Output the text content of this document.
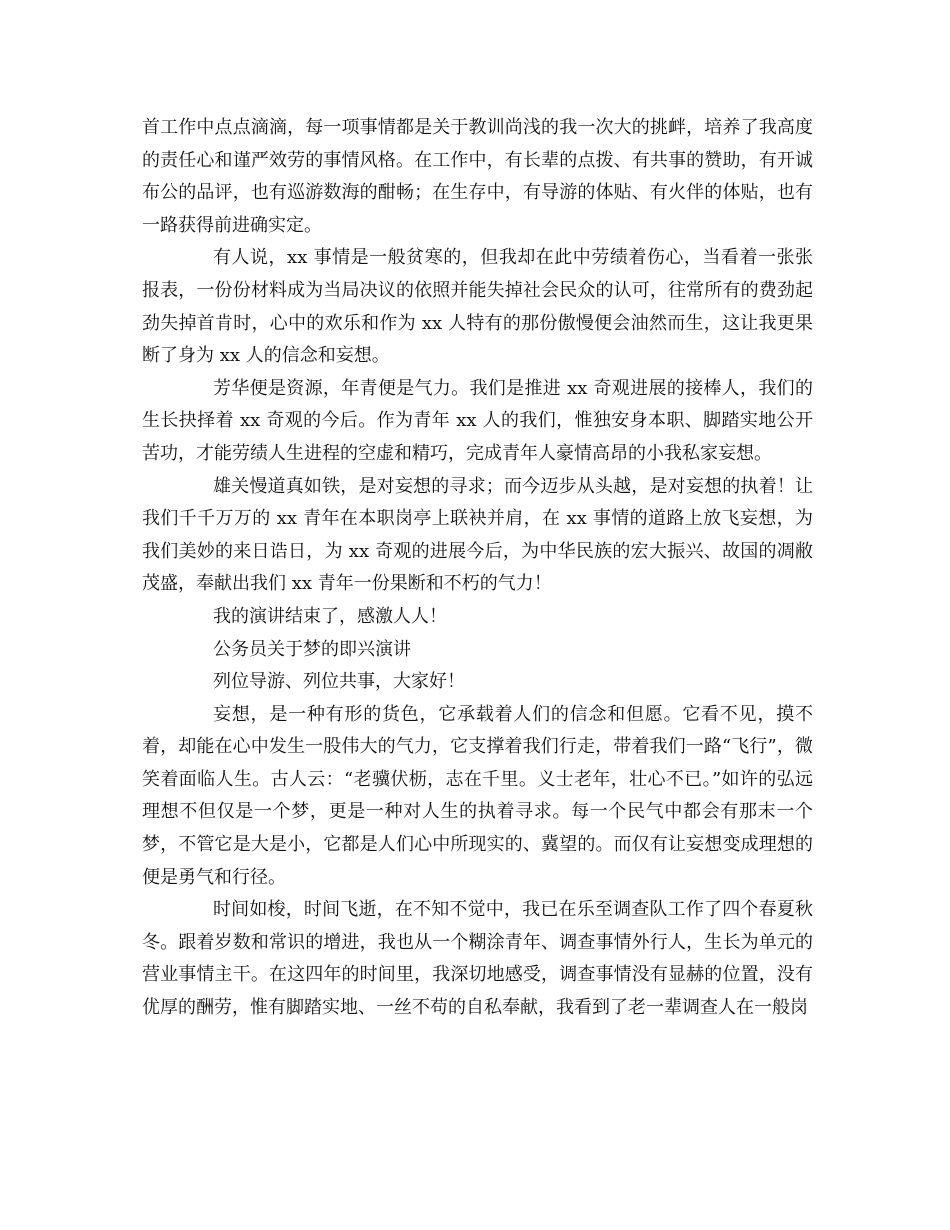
首工作中点点滴滴，每一项事情都是关于教训尚浅的我一次大的挑衅，培养了我高度的责任心和谨严效劳的事情风格。在工作中，有长辈的点拨、有共事的赞助，有开诚布公的品评，也有巡游数海的酣畅；在生存中，有导游的体贴、有火伴的体贴，也有一路获得前进确实定。

有人说，xx 事情是一般贫寒的，但我却在此中劳绩着伤心，当看着一张张报表，一份份材料成为当局决议的依照并能失掉社会民众的认可，往常所有的费劲起劲失掉首肯时，心中的欢乐和作为 xx 人特有的那份傲慢便会油然而生，这让我更果断了身为 xx 人的信念和妄想。

芳华便是资源，年青便是气力。我们是推进 xx 奇观进展的接棒人，我们的生长抉择着 xx 奇观的今后。作为青年 xx 人的我们，惟独安身本职、脚踏实地公开苦功，才能劳绩人生进程的空虚和精巧，完成青年人豪情高昂的小我私家妄想。

雄关慢道真如铁，是对妄想的寻求；而今迈步从头越，是对妄想的执着！让我们千千万万的 xx 青年在本职岗亭上联袂并肩，在 xx 事情的道路上放飞妄想，为我们美妙的来日诰日，为 xx 奇观的进展今后，为中华民族的宏大振兴、故国的凋敝茂盛，奉献出我们 xx 青年一份果断和不朽的气力！

我的演讲结束了，感激人人！

公务员关于梦的即兴演讲

列位导游、列位共事，大家好！

妄想，是一种有形的货色，它承载着人们的信念和但愿。它看不见，摸不着，却能在心中发生一股伟大的气力，它支撑着我们行走，带着我们一路“飞行”，微笑着面临人生。古人云：“老骥伏枥，志在千里。义士老年，壮心不已。”如许的弘远理想不但仅是一个梦，更是一种对人生的执着寻求。每一个民气中都会有那末一个梦，不管它是大是小，它都是人们心中所现实的、冀望的。而仅有让妄想变成理想的便是勇气和行径。

时间如梭，时间飞逝，在不知不觉中，我已在乐至调查队工作了四个春夏秋冬。跟着岁数和常识的增进，我也从一个糊涂青年、调查事情外行人，生长为单元的营业事情主干。在这四年的时间里，我深切地感受，调查事情没有显赫的位置，没有优厚的酬劳，惟有脚踏实地、一丝不苟的自私奉献，我看到了老一辈调查人在一般岗
